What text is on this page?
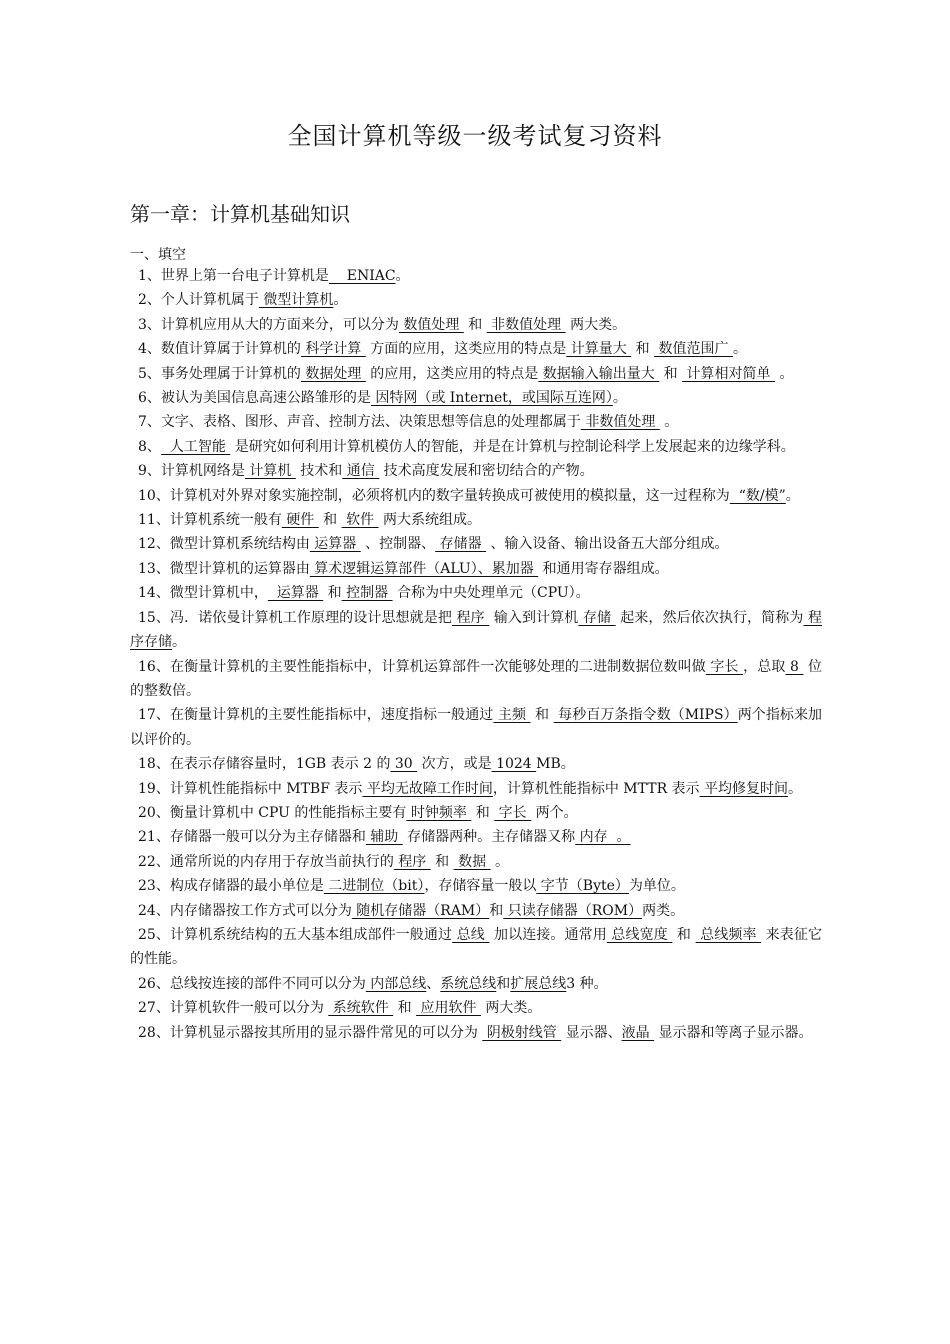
全国计算机等级一级考试复习资料
第一章：计算机基础知识
一、填空

1、世界上第一台电子计算机是    ENIAC。

2、个人计算机属于 微型计算机。

3、计算机应用从大的方面来分，可以分为 数值处理  和  非数值处理  两大类。

4、数值计算属于计算机的 科学计算  方面的应用，这类应用的特点是 计算量大  和  数值范围广 。

5、事务处理属于计算机的 数据处理  的应用，这类应用的特点是 数据输入输出量大  和  计算相对简单  。

6、被认为美国信息高速公路雏形的是 因特网（或 Internet，或国际互连网）。

7、文字、表格、图形、声音、控制方法、决策思想等信息的处理都属于 非数值处理  。

8、  人工智能  是研究如何利用计算机模仿人的智能，并是在计算机与控制论科学上发展起来的边缘学科。

9、计算机网络是 计算机  技术和 通信  技术高度发展和密切结合的产物。

10、计算机对外界对象实施控制，必须将机内的数字量转换成可被使用的模拟量，这一过程称为  “数/模”。

11、计算机系统一般有 硬件  和  软件  两大系统组成。

12、微型计算机系统结构由 运算器  、控制器、 存储器  、输入设备、输出设备五大部分组成。

13、微型计算机的运算器由 算术逻辑运算部件（ALU）、累加器  和通用寄存器组成。

14、微型计算机中，  运算器  和 控制器  合称为中央处理单元（CPU）。

15、冯．诺依曼计算机工作原理的设计思想就是把 程序  输入到计算机 存储  起来，然后依次执行，简称为 程序存储。

16、在衡量计算机的主要性能指标中，计算机运算部件一次能够处理的二进制数据位数叫做 字长 ，总取 8  位的整数倍。

17、在衡量计算机的主要性能指标中，速度指标一般通过 主频  和  每秒百万条指令数（MIPS）两个指标来加以评价的。

18、在表示存储容量时，1GB 表示 2 的 30  次方，或是 1024 MB。

19、计算机性能指标中 MTBF 表示 平均无故障工作时间，计算机性能指标中 MTTR 表示 平均修复时间。

20、衡量计算机中 CPU 的性能指标主要有 时钟频率  和  字长  两个。

21、存储器一般可以分为主存储器和 辅助  存储器两种。主存储器又称 内存  。

22、通常所说的内存用于存放当前执行的 程序  和  数据  。

23、构成存储器的最小单位是 二进制位（bit），存储容量一般以 字节（Byte）为单位。

24、内存储器按工作方式可以分为 随机存储器（RAM）和 只读存储器（ROM）两类。

25、计算机系统结构的五大基本组成部件一般通过 总线  加以连接。通常用 总线宽度  和  总线频率  来表征它的性能。

26、总线按连接的部件不同可以分为 内部总线、系统总线和扩展总线3 种。

27、计算机软件一般可以分为  系统软件  和  应用软件  两大类。

28、计算机显示器按其所用的显示器件常见的可以分为  阴极射线管  显示器、液晶  显示器和等离子显示器。
